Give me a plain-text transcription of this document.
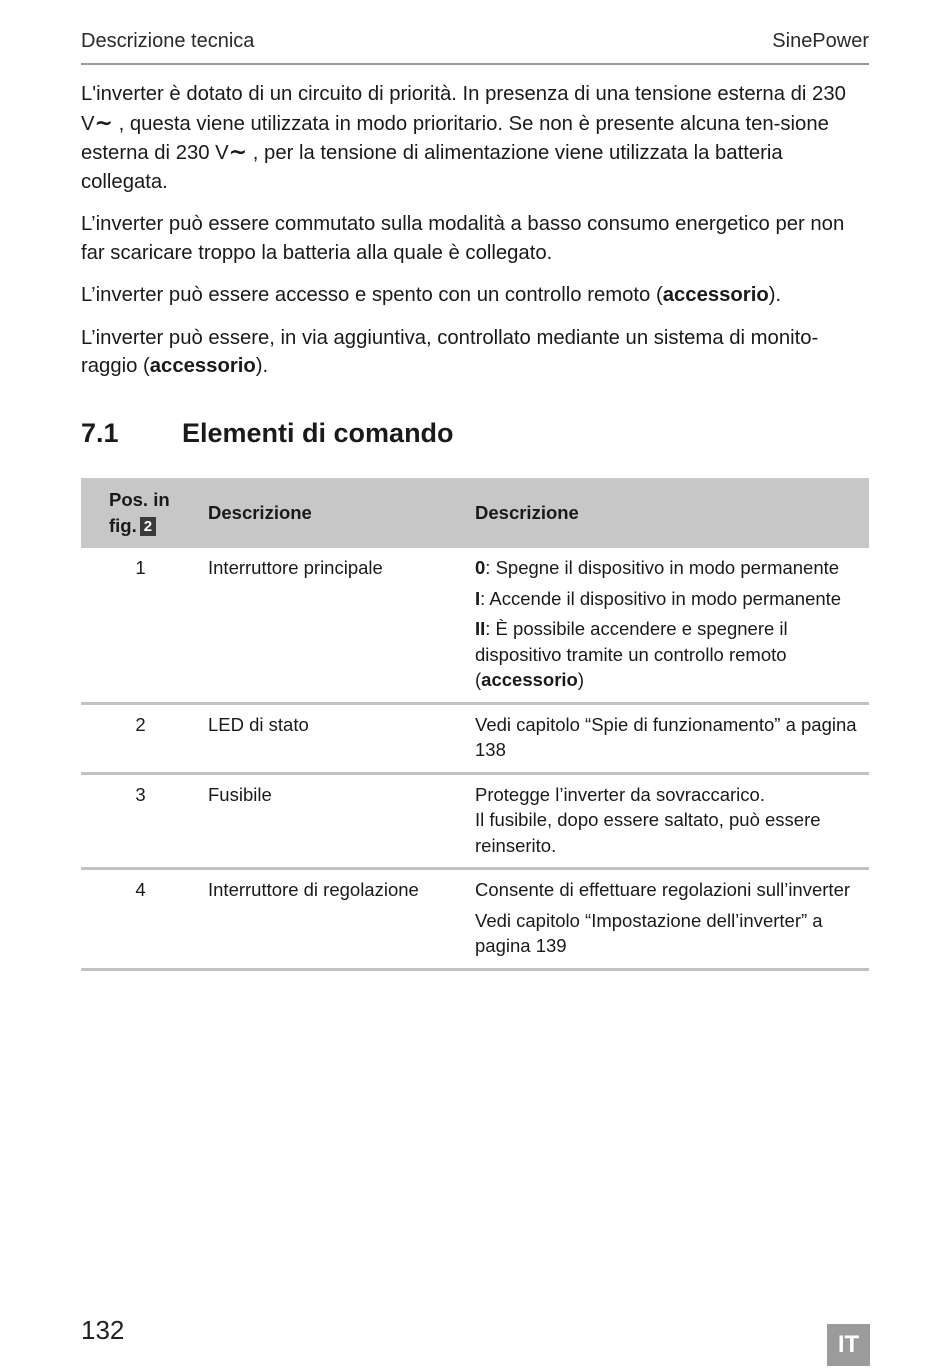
Descrizione tecnica	SinePower

L'inverter è dotato di un circuito di priorità. In presenza di una tensione esterna di 230 V∼ , questa viene utilizzata in modo prioritario. Se non è presente alcuna ten-sione esterna di 230 V∼ , per la tensione di alimentazione viene utilizzata la batteria collegata.

L’inverter può essere commutato sulla modalità a basso consumo energetico per non far scaricare troppo la batteria alla quale è collegato.

L’inverter può essere accesso e spento con un controllo remoto (accessorio).

L’inverter può essere, in via aggiuntiva, controllato mediante un sistema di monito-raggio (accessorio).

7.1	Elementi di comando
Pos. in
fig. 2	Descrizione	Descrizione
1	Interruttore principale	0: Spegne il dispositivo in modo permanente

I: Accende il dispositivo in modo permanente

II: È possibile accendere e spegnere il dispositivo tramite un controllo remoto
(accessorio)

2	LED di stato	Vedi capitolo “Spie di funzionamento” a pagina 138

3	Fusibile	Protegge l’inverter da sovraccarico.

Il fusibile, dopo essere saltato, può essere reinserito.

4	Interruttore di regolazione	Consente di effettuare regolazioni sull’inverter

Vedi capitolo “Impostazione dell’inverter” a pagina 139

132	IT
